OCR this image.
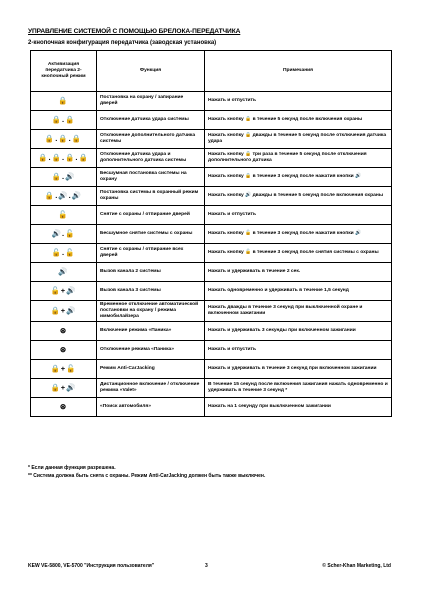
УПРАВЛЕНИЕ СИСТЕМОЙ С ПОМОЩЬЮ БРЕЛОКА-ПЕРЕДАТЧИКА
2-кнопочная конфигурация передатчика (заводская установка)
Активизация передатчика 2-кнопочный режим	Функция	Примечания
🔒	Постановка на охрану / запирание дверей	Нажать и отпустить
🔒.🔒	Отключение датчика удара системы	Нажать кнопку 🔒 в течение 5 секунд после включения охраны
🔒.🔒.🔒	Отключение дополнительного датчика системы	Нажать кнопку 🔒 дважды в течение 5 секунд после отключения датчика удара
🔒.🔒.🔒.🔒	Отключение датчика удара и дополнительного датчика системы	Нажать кнопку 🔒 три раза в течение 5 секунд после отключения дополнительного датчика
🔒.🔊	Бесшумная постановка системы на охрану	Нажать кнопку 🔒 в течение 3 секунд после нажатия кнопки 🔊
🔒.🔊.🔊	Постановка системы в охранный режим охраны	Нажать кнопку 🔊 дважды в течение 5 секунд после включения охраны
🔓	Снятие с охраны / отпирание дверей	Нажать и отпустить
🔊.🔓	Бесшумное снятие системы с охраны	Нажать кнопку 🔓 в течение 3 секунд после нажатия кнопки 🔊
🔓.🔓	Снятие с охраны / отпирание всех дверей	Нажать кнопку 🔓 в течение 3 секунд после снятия системы с охраны
🔊	Вызов канала 2 системы	Нажать и удерживать в течение 2 сек.
🔓+🔊	Вызов канала 3 системы	Нажать одновременно и удерживать в течение 1,5 секунд
🔒+🔊	Временное отключение автоматической постановки на охрану / режима иммобилайзера	Нажать дважды в течение 3 секунд при выключенной охране и включенном зажигании
⊛	Включение режима «Паника»	Нажать и удерживать 3 секунды при включенном зажигании
⊛	Отключение режима «Паника»	Нажать и отпустить
🔒+🔓	Режим Anti-CarJacking	Нажать и удерживать в течение 3 секунд при включенном зажигании
🔒+🔊	Дистанционное включение / отключение режима «Valet»	В течение 15 секунд после включения зажигания нажать одновременно и удерживать в течение 3 секунд *
⊛	«Поиск автомобиля»	Нажать на 1 секунду при выключенном зажигании
* Если данная функция разрешена.
** Система должна быть снята с охраны. Режим Anti-CarJacking должен быть также выключен.
KEW VE-5800, VE-5700 "Инструкция пользователя"	3	© Scher-Khan Marketing, Ltd
